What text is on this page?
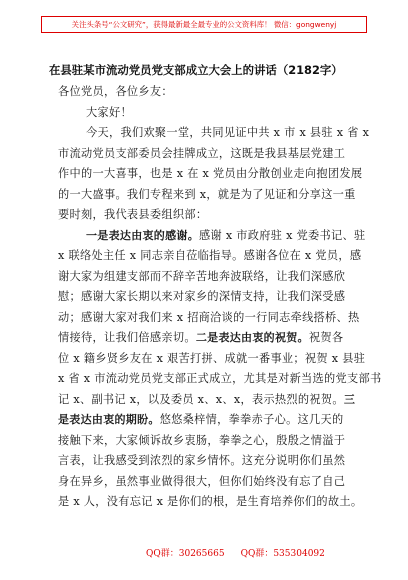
关注头条号“公文研究”，获得最新最全最专业的公文资料库！ 微信：gongwenyj
在县驻某市流动党员党支部成立大会上的讲话（2182字）

各位党员，各位乡友：

大家好！

今天，我们欢聚一堂，共同见证中共 x 市 x 县驻 x 省 x

市流动党员支部委员会挂牌成立，这既是我县基层党建工

作中的一大喜事，也是 x 在 x 党员由分散创业走向抱团发展

的一大盛事。我们专程来到 x，就是为了见证和分享这一重

要时刻，我代表县委组织部：

一是表达由衷的感谢。感谢 x 市政府驻 x 党委书记、驻

x 联络处主任 x 同志亲自莅临指导。感谢各位在 x 党员，感

谢大家为组建支部而不辞辛苦地奔波联络，让我们深感欣

慰；感谢大家长期以来对家乡的深情支持，让我们深受感

动；感谢大家对我们来 x 招商洽谈的一行同志牵线搭桥、热

情接待，让我们倍感亲切。二是表达由衷的祝贺。祝贺各

位 x 籍乡贤乡友在 x 艰苦打拼、成就一番事业；祝贺 x 县驻

x 省 x 市流动党员党支部正式成立，尤其是对新当选的党支部书

记 x、副书记 x，以及委员 x、x、x，表示热烈的祝贺。三

是表达由衷的期盼。悠悠桑梓情，拳拳赤子心。这几天的

接触下来，大家倾诉故乡衷肠，拳拳之心，殷殷之情溢于

言表，让我感受到浓烈的家乡情怀。这充分说明你们虽然

身在异乡，虽然事业做得很大，但你们始终没有忘了自己

是 x 人，没有忘记 x 是你们的根，是生育培养你们的故土。

QQ群：30265665 QQ群：535304092
